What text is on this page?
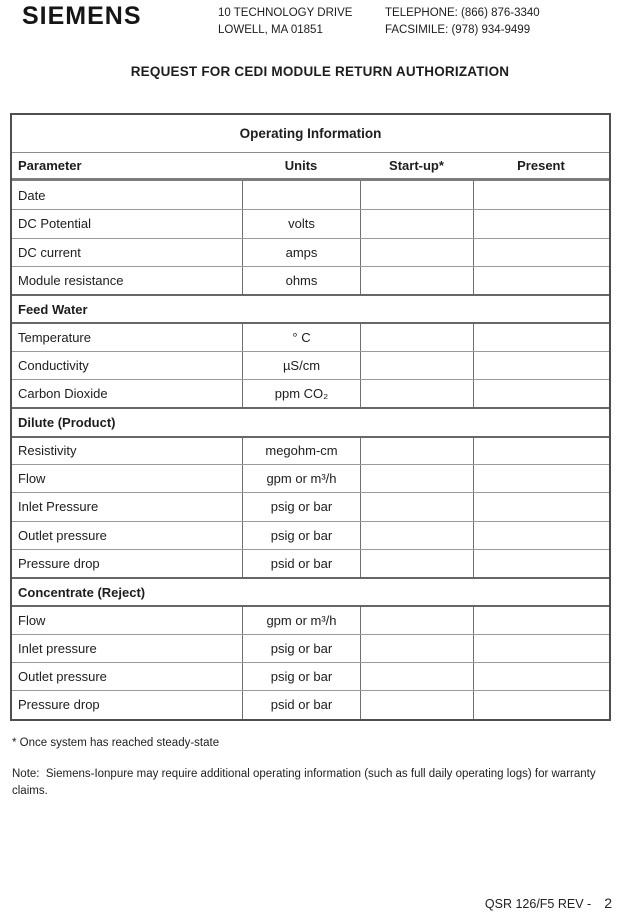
SIEMENS	10 TECHNOLOGY DRIVE
LOWELL, MA 01851
TELEPHONE: (866) 876-3340
FACSIMILE: (978) 934-9499
REQUEST FOR CEDI MODULE RETURN AUTHORIZATION
Operating Information
Parameter	Units	Start-up*	Present
Date
DC Potential	volts
DC current	amps
Module resistance	ohms
Feed Water
Temperature	° C
Conductivity	µS/cm
Carbon Dioxide	ppm CO₂
Dilute (Product)
Resistivity	megohm-cm
Flow	gpm or m³/h
Inlet Pressure	psig or bar
Outlet pressure	psig or bar
Pressure drop	psid or bar
Concentrate (Reject)
Flow	gpm or m³/h
Inlet pressure	psig or bar
Outlet pressure	psig or bar
Pressure drop	psid or bar
* Once system has reached steady-state
Note:  Siemens-Ionpure may require additional operating information (such as full daily operating logs) for warranty claims.
QSR 126/F5 REV - 2
